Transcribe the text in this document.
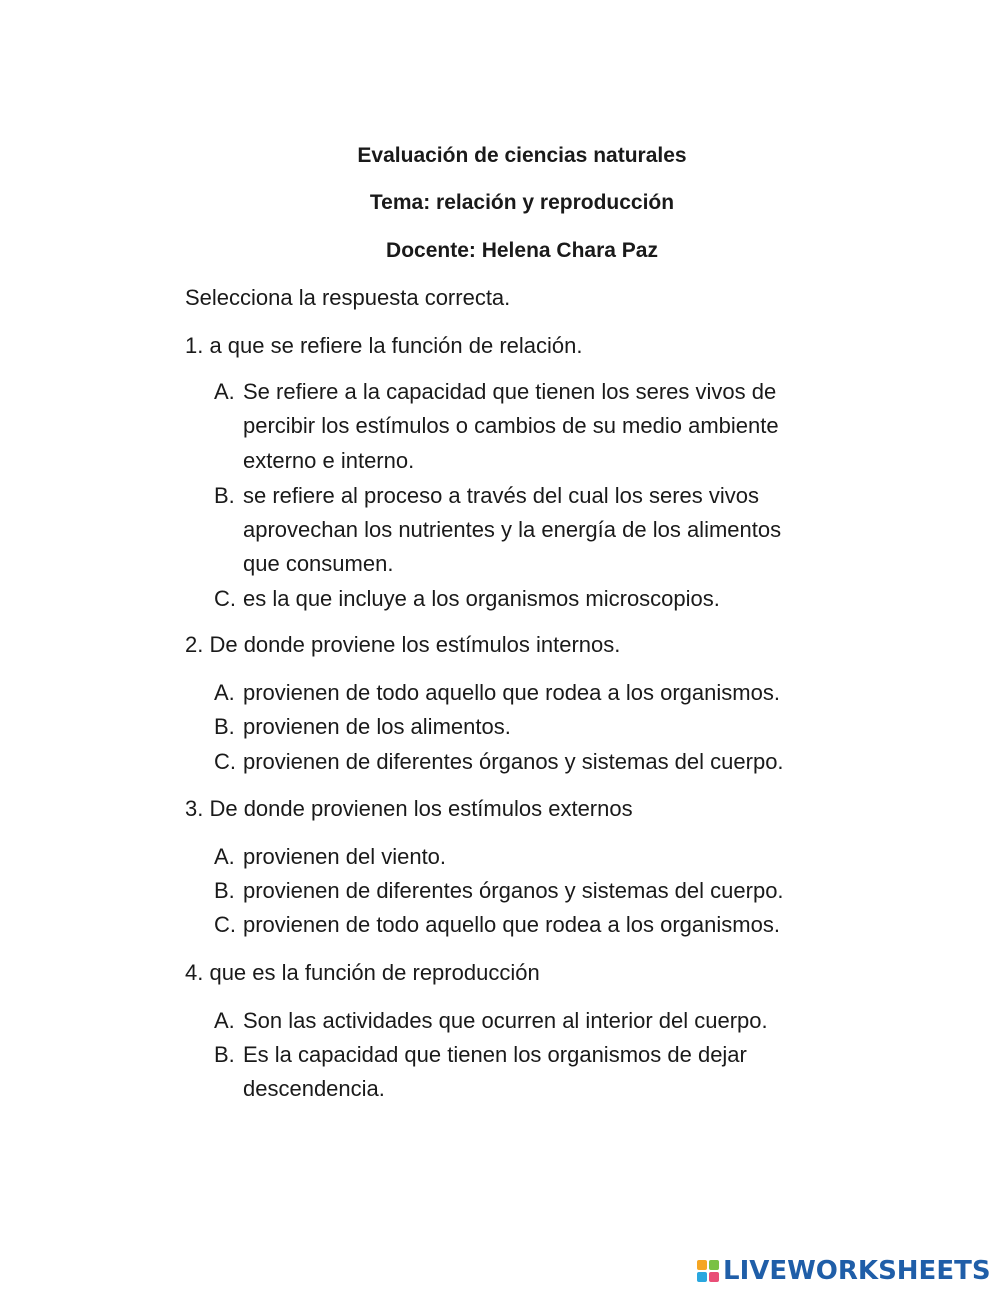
Evaluación de ciencias naturales
Tema: relación y reproducción
Docente: Helena Chara Paz
Selecciona la respuesta correcta.
1. a que se refiere la función de relación.
A. Se refiere a la capacidad que tienen los seres vivos de
percibir los estímulos o cambios de su medio ambiente
externo e interno.
B. se refiere al proceso a través del cual los seres vivos
aprovechan los nutrientes y la energía de los alimentos
que consumen.
C. es la que incluye a los organismos microscopios.
2. De donde proviene los estímulos internos.
A. provienen de todo aquello que rodea a los organismos.
B. provienen de los alimentos.
C. provienen de diferentes órganos y sistemas del cuerpo.
3. De donde provienen los estímulos externos
A. provienen del viento.
B. provienen de diferentes órganos y sistemas del cuerpo.
C. provienen de todo aquello que rodea a los organismos.
4. que es la función de reproducción
A. Son las actividades que ocurren al interior del cuerpo.
B. Es la capacidad que tienen los organismos de dejar
descendencia.
LIVEWORKSHEETS
